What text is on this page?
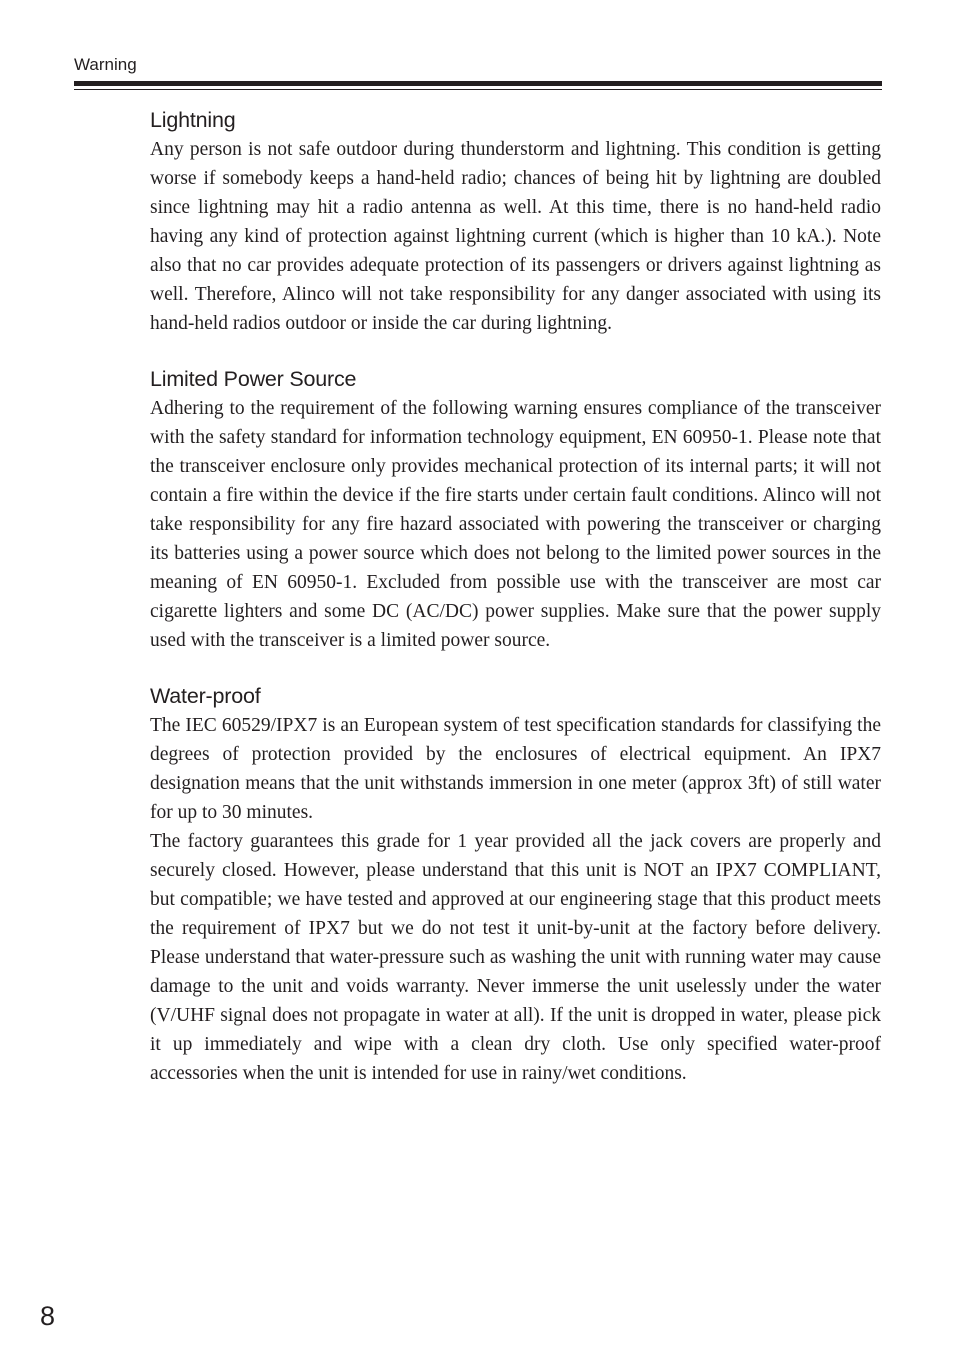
Warning
Lightning

Any person is not safe outdoor during thunderstorm and lightning. This condition is getting worse if somebody keeps a hand-held radio; chances of being hit by lightning are doubled since lightning may hit a radio antenna as well. At this time, there is no hand-held radio having any kind of protection against lightning current (which is higher than 10 kA.). Note also that no car provides adequate protection of its passengers or drivers against lightning as well. Therefore, Alinco will not take responsibility for any danger associated with using its hand-held radios outdoor or inside the car during lightning.

Limited Power Source

Adhering to the requirement of the following warning ensures compliance of the transceiver with the safety standard for information technology equipment, EN 60950-1. Please note that the transceiver enclosure only provides mechanical protection of its internal parts; it will not contain a fire within the device if the fire starts under certain fault conditions. Alinco will not take responsibility for any fire hazard associated with powering the transceiver or charging its batteries using a power source which does not belong to the limited power sources in the meaning of EN 60950-1. Excluded from possible use with the transceiver are most car cigarette lighters and some DC (AC/DC) power supplies. Make sure that the power supply used with the transceiver is a limited power source.

Water-proof

The IEC 60529/IPX7 is an European system of test specification standards for classifying the degrees of protection provided by the enclosures of electrical equipment. An IPX7 designation means that the unit withstands immersion in one meter (approx 3ft) of still water for up to 30 minutes.

The factory guarantees this grade for 1 year provided all the jack covers are properly and securely closed. However, please understand that this unit is NOT an IPX7 COMPLIANT, but compatible; we have tested and approved at our engineering stage that this product meets the requirement of IPX7 but we do not test it unit-by-unit at the factory before delivery. Please understand that water-pressure such as washing the unit with running water may cause damage to the unit and voids warranty. Never immerse the unit uselessly under the water (V/UHF signal does not propagate in water at all). If the unit is dropped in water, please pick it up immediately and wipe with a clean dry cloth. Use only specified water-proof accessories when the unit is intended for use in rainy/wet conditions.

8
